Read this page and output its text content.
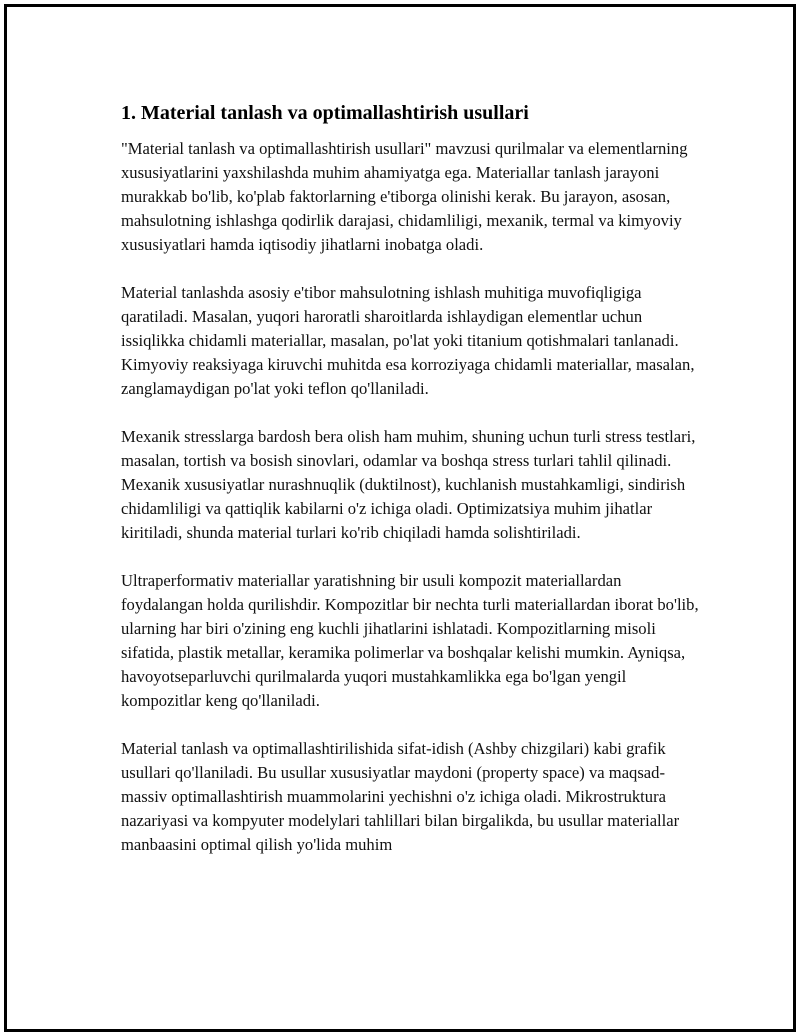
1. Material tanlash va optimallashtirish usullari

"Material tanlash va optimallashtirish usullari" mavzusi qurilmalar va elementlarning xususiyatlarini yaxshilashda muhim ahamiyatga ega. Materiallar tanlash jarayoni murakkab bo'lib, ko'plab faktorlarning e'tiborga olinishi kerak. Bu jarayon, asosan, mahsulotning ishlashga qodirlik darajasi, chidamliligi, mexanik, termal va kimyoviy xususiyatlari hamda iqtisodiy jihatlarni inobatga oladi.

Material tanlashda asosiy e'tibor mahsulotning ishlash muhitiga muvofiqligiga qaratiladi. Masalan, yuqori haroratli sharoitlarda ishlaydigan elementlar uchun issiqlikka chidamli materiallar, masalan, po'lat yoki titanium qotishmalari tanlanadi. Kimyoviy reaksiyaga kiruvchi muhitda esa korroziyaga chidamli materiallar, masalan, zanglamaydigan po'lat yoki teflon qo'llaniladi.

Mexanik stresslarga bardosh bera olish ham muhim, shuning uchun turli stress testlari, masalan, tortish va bosish sinovlari, odamlar va boshqa stress turlari tahlil qilinadi. Mexanik xususiyatlar nurashnuqlik (duktilnost), kuchlanish mustahkamligi, sindirish chidamliligi va qattiqlik kabilarni o'z ichiga oladi. Optimizatsiya muhim jihatlar kiritiladi, shunda material turlari ko'rib chiqiladi hamda solishtiriladi.

Ultraperformativ materiallar yaratishning bir usuli kompozit materiallardan foydalangan holda qurilishdir. Kompozitlar bir nechta turli materiallardan iborat bo'lib, ularning har biri o'zining eng kuchli jihatlarini ishlatadi. Kompozitlarning misoli sifatida, plastik metallar, keramika polimerlar va boshqalar kelishi mumkin. Ayniqsa, havoyotseparluvchi qurilmalarda yuqori mustahkamlikka ega bo'lgan yengil kompozitlar keng qo'llaniladi.

Material tanlash va optimallashtirilishida sifat-idish (Ashby chizgilari) kabi grafik usullari qo'llaniladi. Bu usullar xususiyatlar maydoni (property space) va maqsad-massiv optimallashtirish muammolarini yechishni o'z ichiga oladi. Mikrostruktura nazariyasi va kompyuter modelylari tahlillari bilan birgalikda, bu usullar materiallar manbaasini optimal qilish yo'lida muhim
